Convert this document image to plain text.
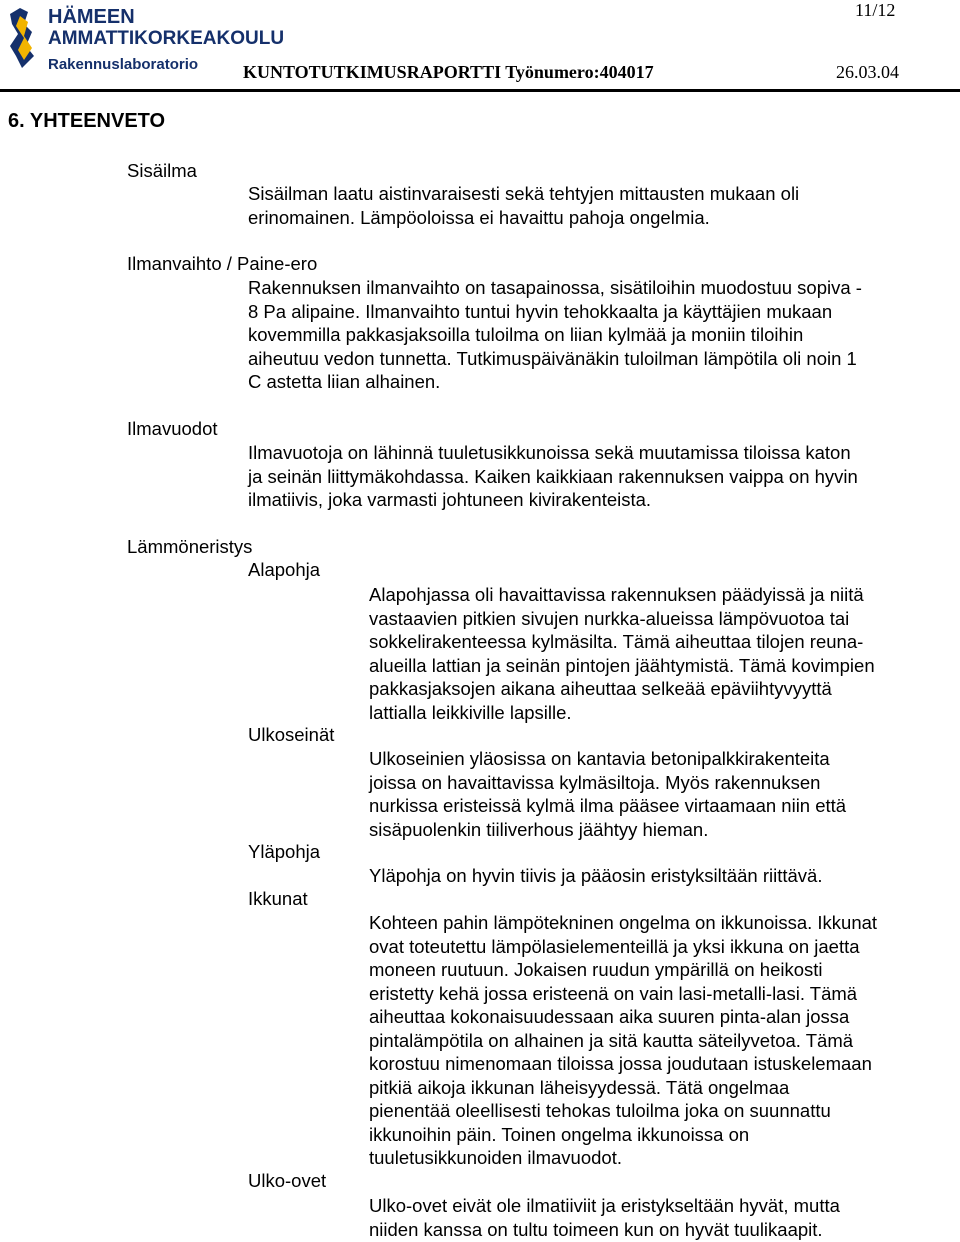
HÄMEEN
AMMATTIKORKEAKOULU
Rakennuslaboratorio
11/12
KUNTOTUTKIMUSRAPORTTI Työnumero:404017	26.03.04
6. YHTEENVETO
Sisäilma
Sisäilman laatu aistinvaraisesti sekä tehtyjen mittausten mukaan oli
erinomainen. Lämpöoloissa ei havaittu pahoja ongelmia.
Ilmanvaihto / Paine-ero
Rakennuksen ilmanvaihto on tasapainossa, sisätiloihin muodostuu sopiva -
8 Pa alipaine. Ilmanvaihto tuntui hyvin tehokkaalta ja käyttäjien mukaan
kovemmilla pakkasjaksoilla tuloilma on liian kylmää ja moniin tiloihin
aiheutuu vedon tunnetta. Tutkimuspäivänäkin tuloilman lämpötila oli noin 1
C astetta liian alhainen.
Ilmavuodot
Ilmavuotoja on lähinnä tuuletusikkunoissa sekä muutamissa tiloissa katon
ja seinän liittymäkohdassa. Kaiken kaikkiaan rakennuksen vaippa on hyvin
ilmatiivis, joka varmasti johtuneen kivirakenteista.
Lämmöneristys
Alapohja
Alapohjassa oli havaittavissa rakennuksen päädyissä ja niitä
vastaavien pitkien sivujen nurkka-alueissa lämpövuotoa tai
sokkelirakenteessa kylmäsilta. Tämä aiheuttaa tilojen reuna-
alueilla lattian ja seinän pintojen jäähtymistä. Tämä kovimpien
pakkasjaksojen aikana aiheuttaa selkeää epäviihtyvyyttä
lattialla leikkiville lapsille.
Ulkoseinät
Ulkoseinien yläosissa on kantavia betonipalkkirakenteita
joissa on havaittavissa kylmäsiltoja. Myös rakennuksen
nurkissa eristeissä kylmä ilma pääsee virtaamaan niin että
sisäpuolenkin tiiliverhous jäähtyy hieman.
Yläpohja
Yläpohja on hyvin tiivis ja pääosin eristyksiltään riittävä.
Ikkunat
Kohteen pahin lämpötekninen ongelma on ikkunoissa. Ikkunat
ovat toteutettu lämpölasielementeillä ja yksi ikkuna on jaetta
moneen ruutuun. Jokaisen ruudun ympärillä on heikosti
eristetty kehä jossa eristeenä on vain lasi-metalli-lasi. Tämä
aiheuttaa kokonaisuudessaan aika suuren pinta-alan jossa
pintalämpötila on alhainen ja sitä kautta säteilyvetoa. Tämä
korostuu nimenomaan tiloissa jossa joudutaan istuskelemaan
pitkiä aikoja ikkunan läheisyydessä. Tätä ongelmaa
pienentää oleellisesti tehokas tuloilma joka on suunnattu
ikkunoihin päin. Toinen ongelma ikkunoissa on
tuuletusikkunoiden ilmavuodot.
Ulko-ovet
Ulko-ovet eivät ole ilmatiiviit ja eristykseltään hyvät, mutta
niiden kanssa on tultu toimeen kun on hyvät tuulikaapit.
